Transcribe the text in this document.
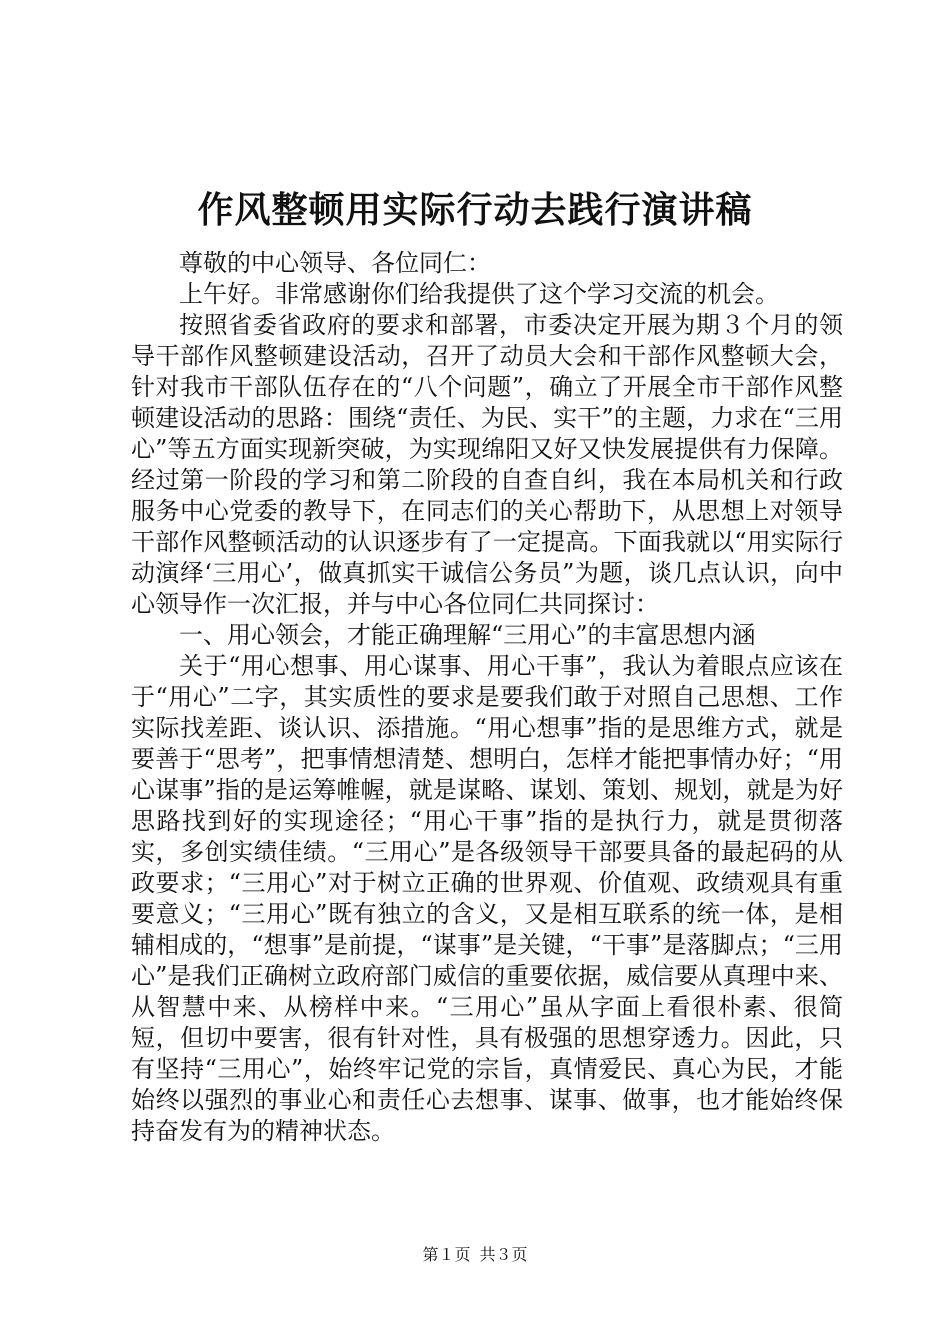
作风整顿用实际行动去践行演讲稿

尊敬的中心领导、各位同仁：

上午好。非常感谢你们给我提供了这个学习交流的机会。

按照省委省政府的要求和部署，市委决定开展为期３个月的领导干部作风整顿建设活动，召开了动员大会和干部作风整顿大会，针对我市干部队伍存在的“八个问题”，确立了开展全市干部作风整顿建设活动的思路：围绕“责任、为民、实干”的主题，力求在“三用心”等五方面实现新突破，为实现绵阳又好又快发展提供有力保障。经过第一阶段的学习和第二阶段的自查自纠，我在本局机关和行政服务中心党委的教导下，在同志们的关心帮助下，从思想上对领导干部作风整顿活动的认识逐步有了一定提高。下面我就以“用实际行动演绎‘三用心’，做真抓实干诚信公务员”为题，谈几点认识，向中心领导作一次汇报，并与中心各位同仁共同探讨：

一、用心领会，才能正确理解“三用心”的丰富思想内涵

关于“用心想事、用心谋事、用心干事”，我认为着眼点应该在于“用心”二字，其实质性的要求是要我们敢于对照自己思想、工作实际找差距、谈认识、添措施。“用心想事”指的是思维方式，就是要善于“思考”，把事情想清楚、想明白，怎样才能把事情办好；“用心谋事”指的是运筹帷幄，就是谋略、谋划、策划、规划，就是为好思路找到好的实现途径；“用心干事”指的是执行力，就是贯彻落实，多创实绩佳绩。“三用心”是各级领导干部要具备的最起码的从政要求；“三用心”对于树立正确的世界观、价值观、政绩观具有重要意义；“三用心”既有独立的含义，又是相互联系的统一体，是相辅相成的，“想事”是前提，“谋事”是关键，“干事”是落脚点；“三用心”是我们正确树立政府部门威信的重要依据，威信要从真理中来、从智慧中来、从榜样中来。“三用心”虽从字面上看很朴素、很简短，但切中要害，很有针对性，具有极强的思想穿透力。因此，只有坚持“三用心”，始终牢记党的宗旨，真情爱民、真心为民，才能始终以强烈的事业心和责任心去想事、谋事、做事，也才能始终保持奋发有为的精神状态。

第１页 共３页
